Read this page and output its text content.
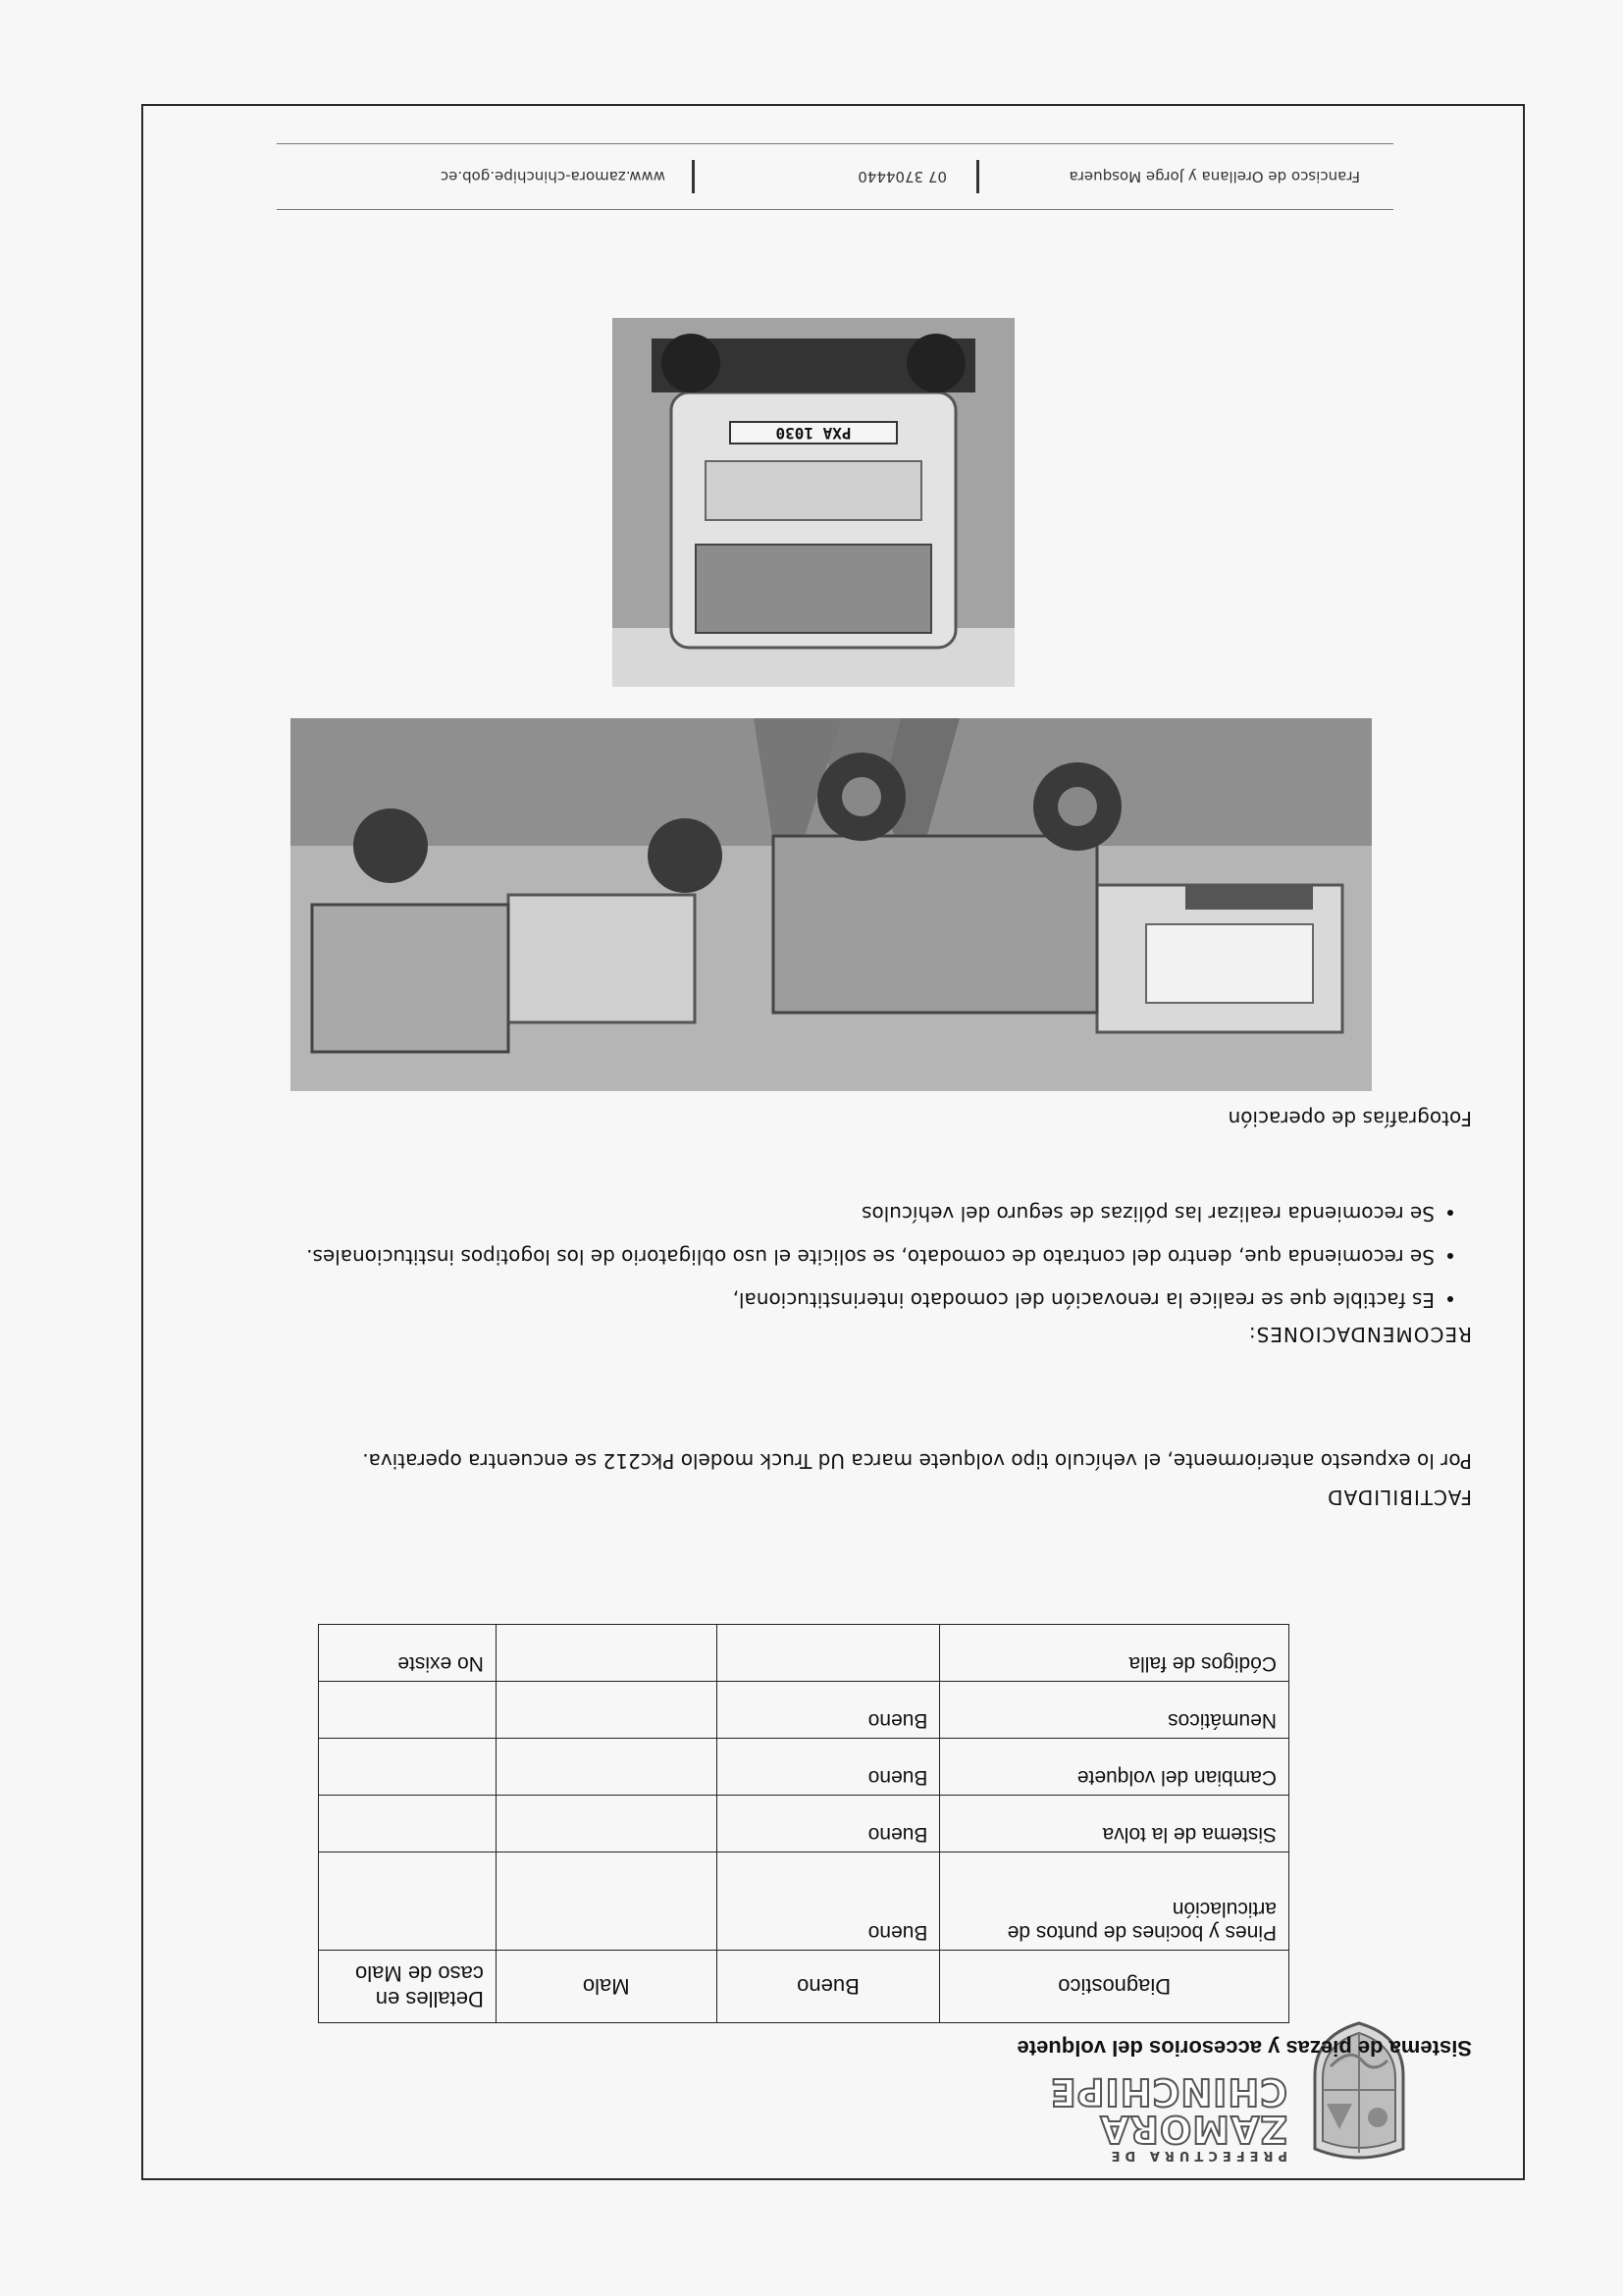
PREFECTURA DE
ZAMORA
CHINCHIPE
Sistema de piezas y accesorios del volquete
Diagnostico	Bueno	Malo	Detalles en caso de Malo
Pines y bocines de puntos de articulación	Bueno		
Sistema de la tolva	Bueno		
Cambian del volquete	Bueno		
Neumáticos	Bueno		
Códigos de falla			No existe
FACTIBILIDAD
Por lo expuesto anteriormente, el vehículo tipo volquete marca Ud Truck modelo Pkc212 se encuentra operativa.
RECOMENDACIONES:
• Es factible que se realice la renovación del comodato interinstitucional,
• Se recomienda que, dentro del contrato de comodato, se solicite el uso obligatorio de los logotipos institucionales.
• Se recomienda realizar las pólizas de seguro del vehículos
Fotografías de operación
PXA 1030
Francisco de Orellana y Jorge Mosquera
07 3704440
www.zamora-chinchipe.gob.ec
